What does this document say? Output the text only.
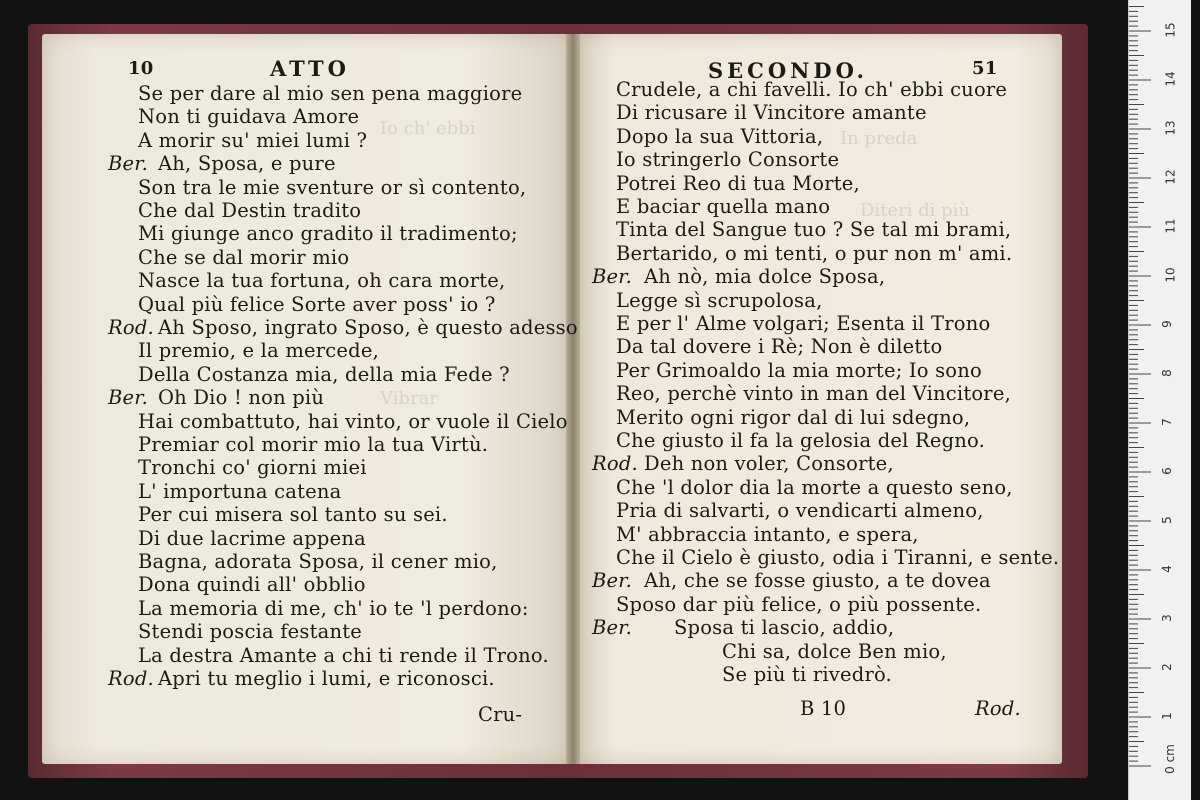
Io ch' ebbi
Vibrar
In preda
Diteri di più
10	ATTO
Se per dare al mio sen pena maggiore
Non ti guidava Amore
A morir su' miei lumi ?
Ber. Ah, Sposa, e pure
Son tra le mie sventure or sì contento,
Che dal Destin tradito
Mi giunge anco gradito il tradimento;
Che se dal morir mio
Nasce la tua fortuna, oh cara morte,
Qual più felice Sorte aver poss' io ?
Rod. Ah Sposo, ingrato Sposo, è questo adesso
Il premio, e la mercede,
Della Costanza mia, della mia Fede ?
Ber. Oh Dio ! non più
Hai combattuto, hai vinto, or vuole il Cielo
Premiar col morir mio la tua Virtù.
Tronchi co' giorni miei
L' importuna catena
Per cui misera sol tanto su sei.
Di due lacrime appena
Bagna, adorata Sposa, il cener mio,
Dona quindi all' obblio
La memoria di me, ch' io te 'l perdono:
Stendi poscia festante
La destra Amante a chi ti rende il Trono.
Rod. Apri tu meglio i lumi, e riconosci.
Cru-
SECONDO.	51
Crudele, a chi favelli. Io ch' ebbi cuore
Di ricusare il Vincitore amante
Dopo la sua Vittoria,
Io stringerlo Consorte
Potrei Reo di tua Morte,
E baciar quella mano
Tinta del Sangue tuo ? Se tal mi brami,
Bertarido, o mi tenti, o pur non m' ami.
Ber. Ah nò, mia dolce Sposa,
Legge sì scrupolosa,
E per l' Alme volgari; Esenta il Trono
Da tal dovere i Rè; Non è diletto
Per Grimoaldo la mia morte; Io sono
Reo, perchè vinto in man del Vincitore,
Merito ogni rigor dal di lui sdegno,
Che giusto il fa la gelosia del Regno.
Rod. Deh non voler, Consorte,
Che 'l dolor dia la morte a questo seno,
Pria di salvarti, o vendicarti almeno,
M' abbraccia intanto, e spera,
Che il Cielo è giusto, odia i Tiranni, e sente.
Ber. Ah, che se fosse giusto, a te dovea
Sposo dar più felice, o più possente.
Ber. Sposa ti lascio, addio,
Chi sa, dolce Ben mio,
Se più ti rivedrò.
B 10	Rod.
0 cm
1
2
3
4
5
6
7
8
9
10
11
12
13
14
15
